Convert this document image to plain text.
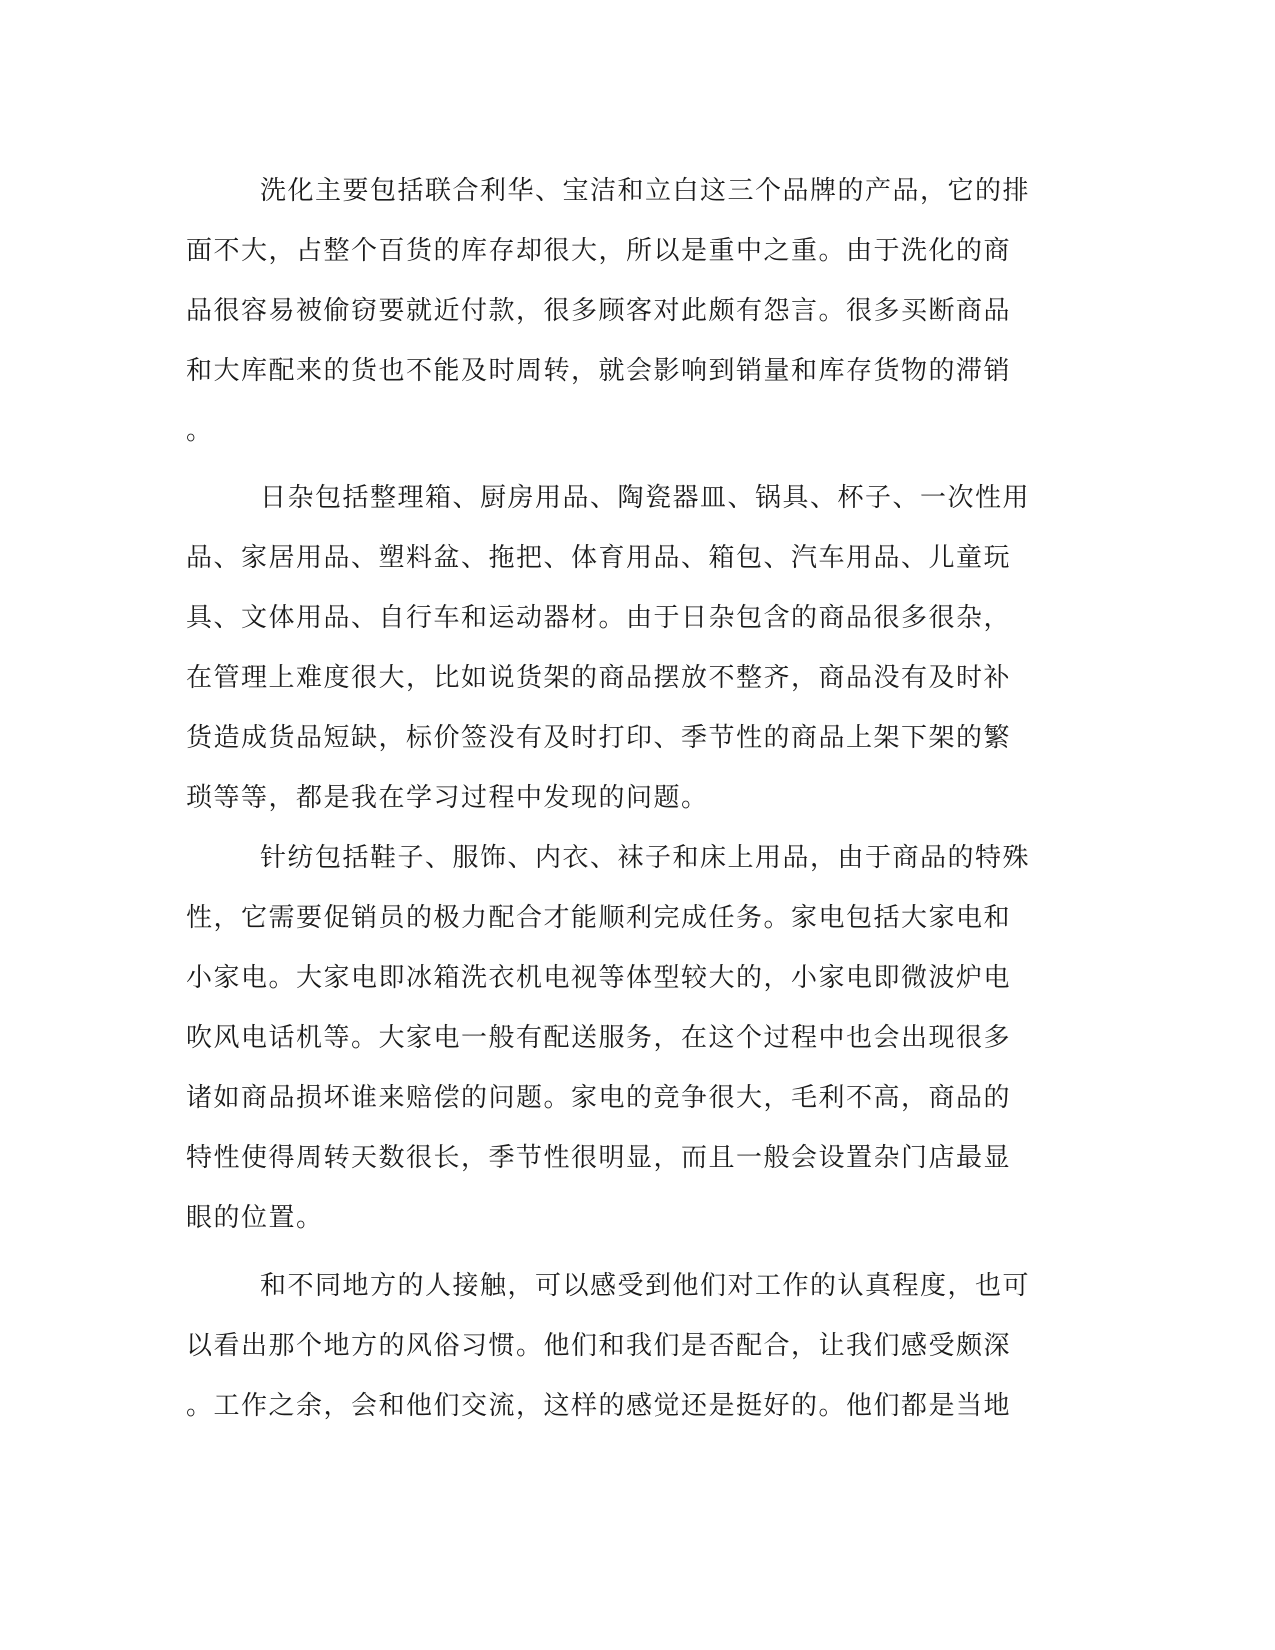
洗化主要包括联合利华、宝洁和立白这三个品牌的产品，它的排
面不大，占整个百货的库存却很大，所以是重中之重。由于洗化的商
品很容易被偷窃要就近付款，很多顾客对此颇有怨言。很多买断商品
和大库配来的货也不能及时周转，就会影响到销量和库存货物的滞销
。
日杂包括整理箱、厨房用品、陶瓷器皿、锅具、杯子、一次性用
品、家居用品、塑料盆、拖把、体育用品、箱包、汽车用品、儿童玩
具、文体用品、自行车和运动器材。由于日杂包含的商品很多很杂，
在管理上难度很大，比如说货架的商品摆放不整齐，商品没有及时补
货造成货品短缺，标价签没有及时打印、季节性的商品上架下架的繁
琐等等，都是我在学习过程中发现的问题。
针纺包括鞋子、服饰、内衣、袜子和床上用品，由于商品的特殊
性，它需要促销员的极力配合才能顺利完成任务。家电包括大家电和
小家电。大家电即冰箱洗衣机电视等体型较大的，小家电即微波炉电
吹风电话机等。大家电一般有配送服务，在这个过程中也会出现很多
诸如商品损坏谁来赔偿的问题。家电的竞争很大，毛利不高，商品的
特性使得周转天数很长，季节性很明显，而且一般会设置杂门店最显
眼的位置。
和不同地方的人接触，可以感受到他们对工作的认真程度，也可
以看出那个地方的风俗习惯。他们和我们是否配合，让我们感受颇深
。工作之余，会和他们交流，这样的感觉还是挺好的。他们都是当地
